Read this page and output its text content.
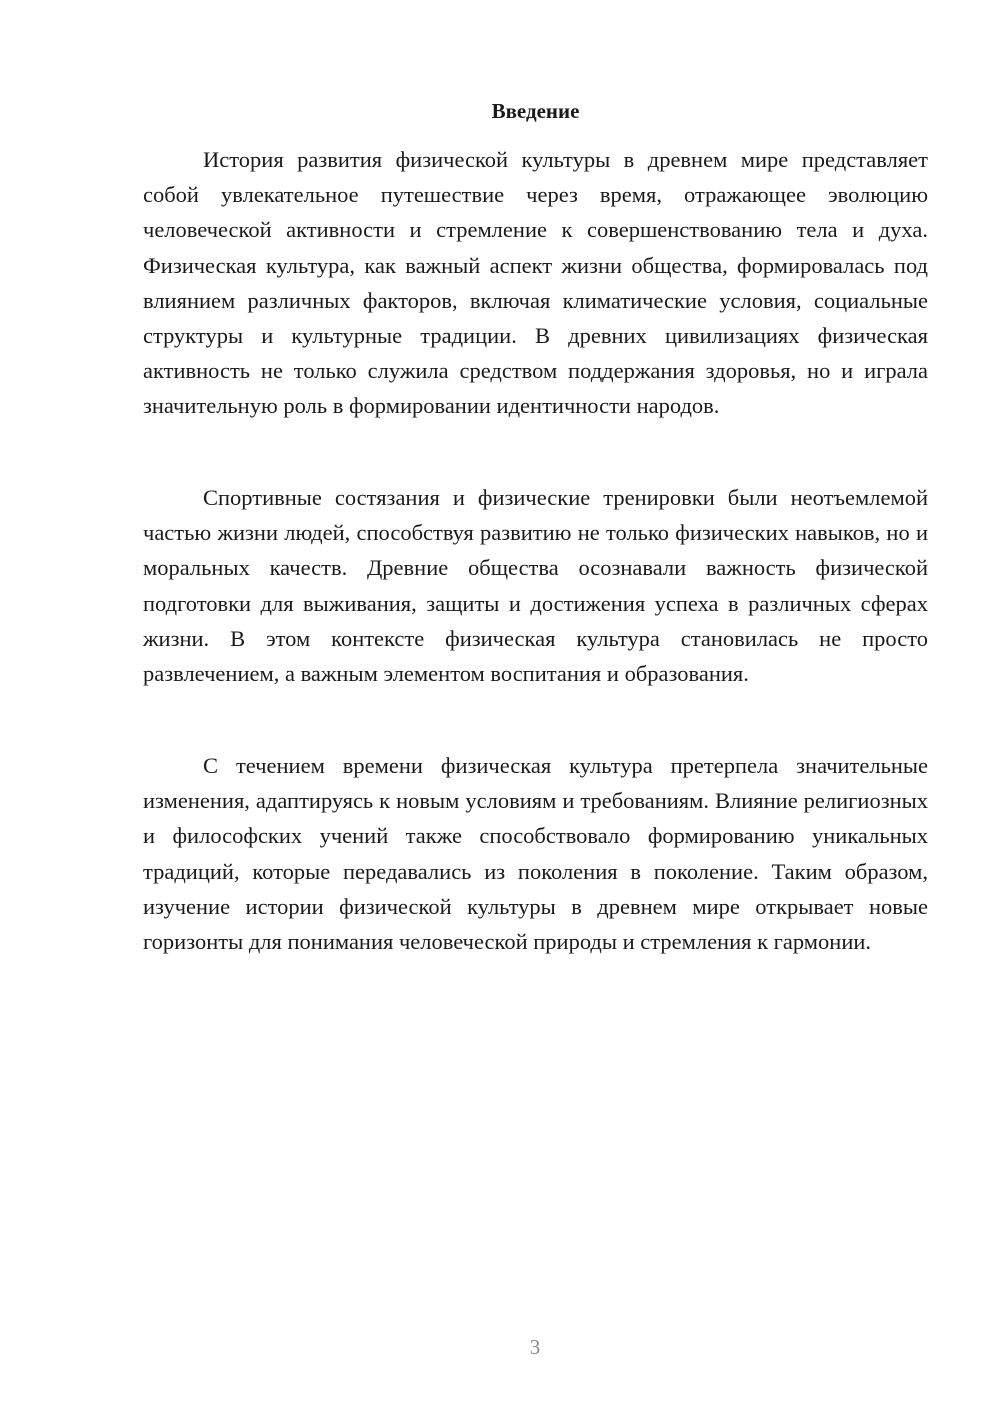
Введение

История развития физической культуры в древнем мире представляет собой увлекательное путешествие через время, отражающее эволюцию человеческой активности и стремление к совершенствованию тела и духа. Физическая культура, как важный аспект жизни общества, формировалась под влиянием различных факторов, включая климатические условия, социальные структуры и культурные традиции. В древних цивилизациях физическая активность не только служила средством поддержания здоровья, но и играла значительную роль в формировании идентичности народов.

Спортивные состязания и физические тренировки были неотъемлемой частью жизни людей, способствуя развитию не только физических навыков, но и моральных качеств. Древние общества осознавали важность физической подготовки для выживания, защиты и достижения успеха в различных сферах жизни. В этом контексте физическая культура становилась не просто развлечением, а важным элементом воспитания и образования.

С течением времени физическая культура претерпела значительные изменения, адаптируясь к новым условиям и требованиям. Влияние религиозных и философских учений также способствовало формированию уникальных традиций, которые передавались из поколения в поколение. Таким образом, изучение истории физической культуры в древнем мире открывает новые горизонты для понимания человеческой природы и стремления к гармонии.

3
